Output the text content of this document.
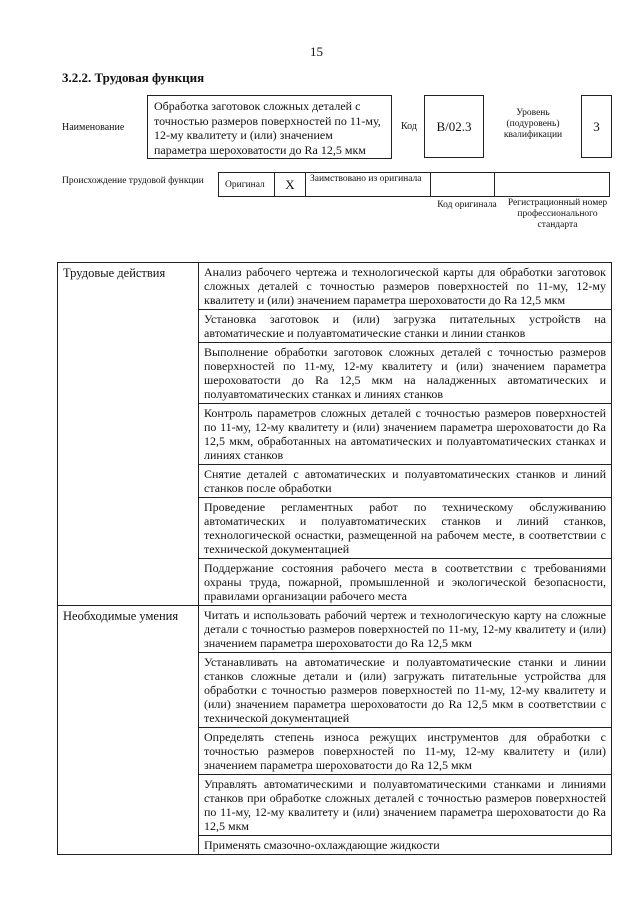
15
3.2.2. Трудовая функция
Наименование
Обработка заготовок сложных деталей с точностью размеров поверхностей по 11-му, 12-му квалитету и (или) значением параметра шероховатости до Ra 12,5 мкм
Код B/02.3
Уровень (подуровень) квалификации
3
Происхождение трудовой функции	Оригинал	X	Заимствовано из оригинала
Код оригинала Регистрационный номер профессионального стандарта
Трудовые действия	Анализ рабочего чертежа и технологической карты для обработки заготовок сложных деталей с точностью размеров поверхностей по 11-му, 12-му квалитету и (или) значением параметра шероховатости до Ra 12,5 мкм
	Установка заготовок и (или) загрузка питательных устройств на автоматические и полуавтоматические станки и линии станков
	Выполнение обработки заготовок сложных деталей с точностью размеров поверхностей по 11-му, 12-му квалитету и (или) значением параметра шероховатости до Ra 12,5 мкм на наладженных автоматических и полуавтоматических станках и линиях станков
	Контроль параметров сложных деталей с точностью размеров поверхностей по 11-му, 12-му квалитету и (или) значением параметра шероховатости до Ra 12,5 мкм, обработанных на автоматических и полуавтоматических станках и линиях станков
	Снятие деталей с автоматических и полуавтоматических станков и линий станков после обработки
	Проведение регламентных работ по техническому обслуживанию автоматических и полуавтоматических станков и линий станков, технологической оснастки, размещенной на рабочем месте, в соответствии с технической документацией
	Поддержание состояния рабочего места в соответствии с требованиями охраны труда, пожарной, промышленной и экологической безопасности, правилами организации рабочего места
Необходимые умения	Читать и использовать рабочий чертеж и технологическую карту на сложные детали с точностью размеров поверхностей по 11-му, 12-му квалитету и (или) значением параметра шероховатости до Ra 12,5 мкм
	Устанавливать на автоматические и полуавтоматические станки и линии станков сложные детали и (или) загружать питательные устройства для обработки с точностью размеров поверхностей по 11-му, 12-му квалитету и (или) значением параметра шероховатости до Ra 12,5 мкм в соответствии с технической документацией
	Определять степень износа режущих инструментов для обработки с точностью размеров поверхностей по 11-му, 12-му квалитету и (или) значением параметра шероховатости до Ra 12,5 мкм
	Управлять автоматическими и полуавтоматическими станками и линиями станков при обработке сложных деталей с точностью размеров поверхностей по 11-му, 12-му квалитету и (или) значением параметра шероховатости до Ra 12,5 мкм
	Применять смазочно-охлаждающие жидкости
